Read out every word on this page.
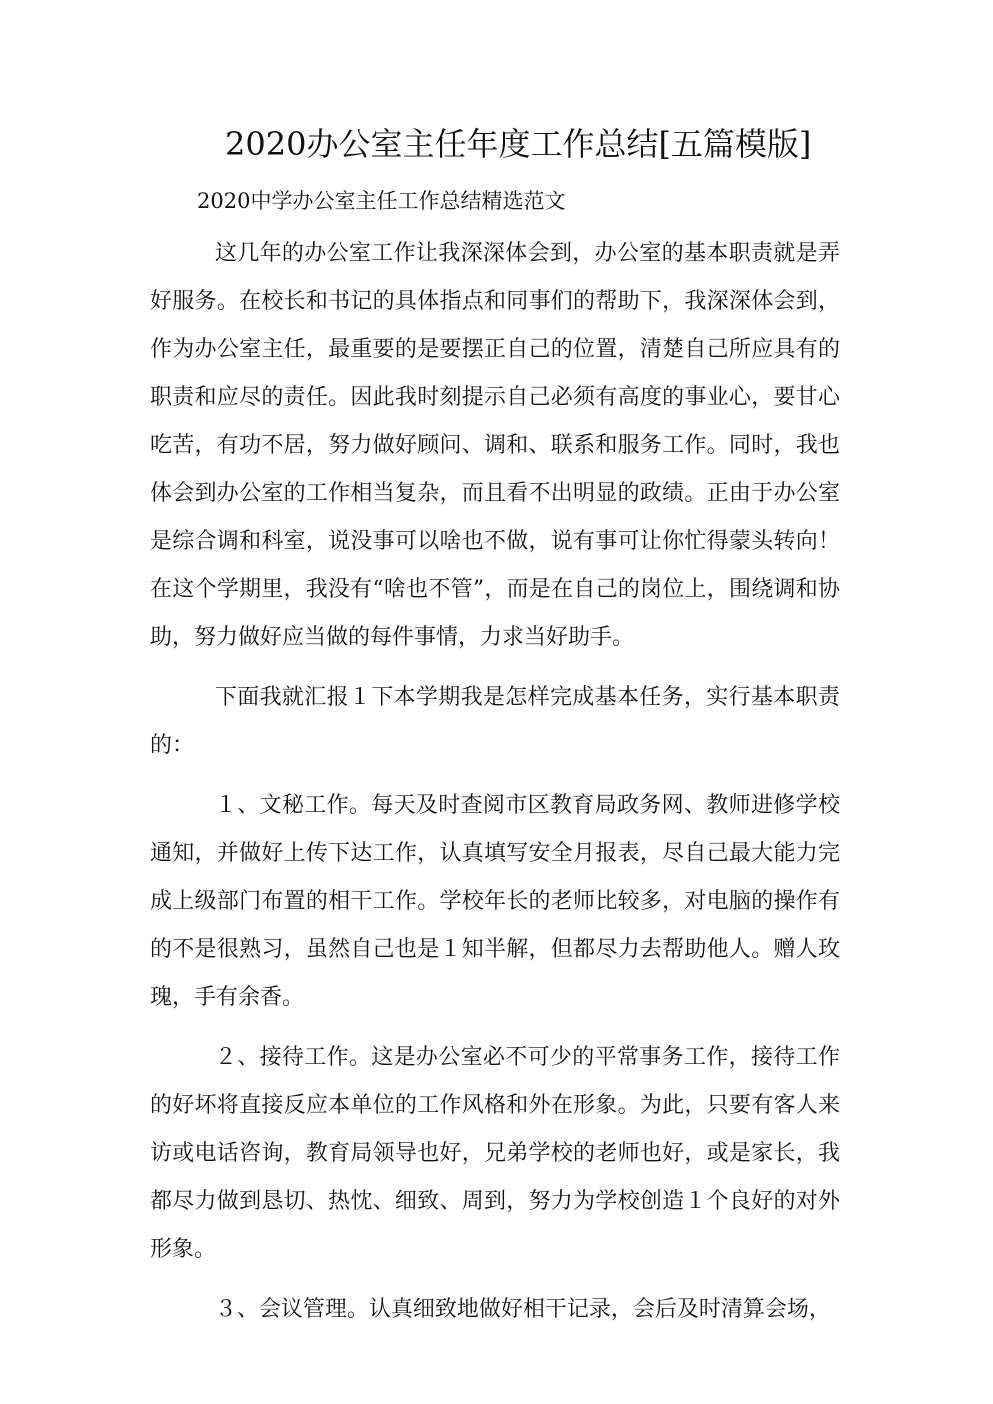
2020办公室主任年度工作总结[五篇模版]
2020中学办公室主任工作总结精选范文

这几年的办公室工作让我深深体会到，办公室的基本职责就是弄好服务。在校长和书记的具体指点和同事们的帮助下，我深深体会到，作为办公室主任，最重要的是要摆正自己的位置，清楚自己所应具有的职责和应尽的责任。因此我时刻提示自己必须有高度的事业心，要甘心吃苦，有功不居，努力做好顾问、调和、联系和服务工作。同时，我也体会到办公室的工作相当复杂，而且看不出明显的政绩。正由于办公室是综合调和科室，说没事可以啥也不做，说有事可让你忙得蒙头转向！在这个学期里，我没有“啥也不管”，而是在自己的岗位上，围绕调和协助，努力做好应当做的每件事情，力求当好助手。

下面我就汇报１下本学期我是怎样完成基本任务，实行基本职责的：

１、文秘工作。每天及时查阅市区教育局政务网、教师进修学校通知，并做好上传下达工作，认真填写安全月报表，尽自己最大能力完成上级部门布置的相干工作。学校年长的老师比较多，对电脑的操作有的不是很熟习，虽然自己也是１知半解，但都尽力去帮助他人。赠人玫瑰，手有余香。

２、接待工作。这是办公室必不可少的平常事务工作，接待工作的好坏将直接反应本单位的工作风格和外在形象。为此，只要有客人来访或电话咨询，教育局领导也好，兄弟学校的老师也好，或是家长，我都尽力做到恳切、热忱、细致、周到，努力为学校创造１个良好的对外形象。

３、会议管理。认真细致地做好相干记录，会后及时清算会场，
